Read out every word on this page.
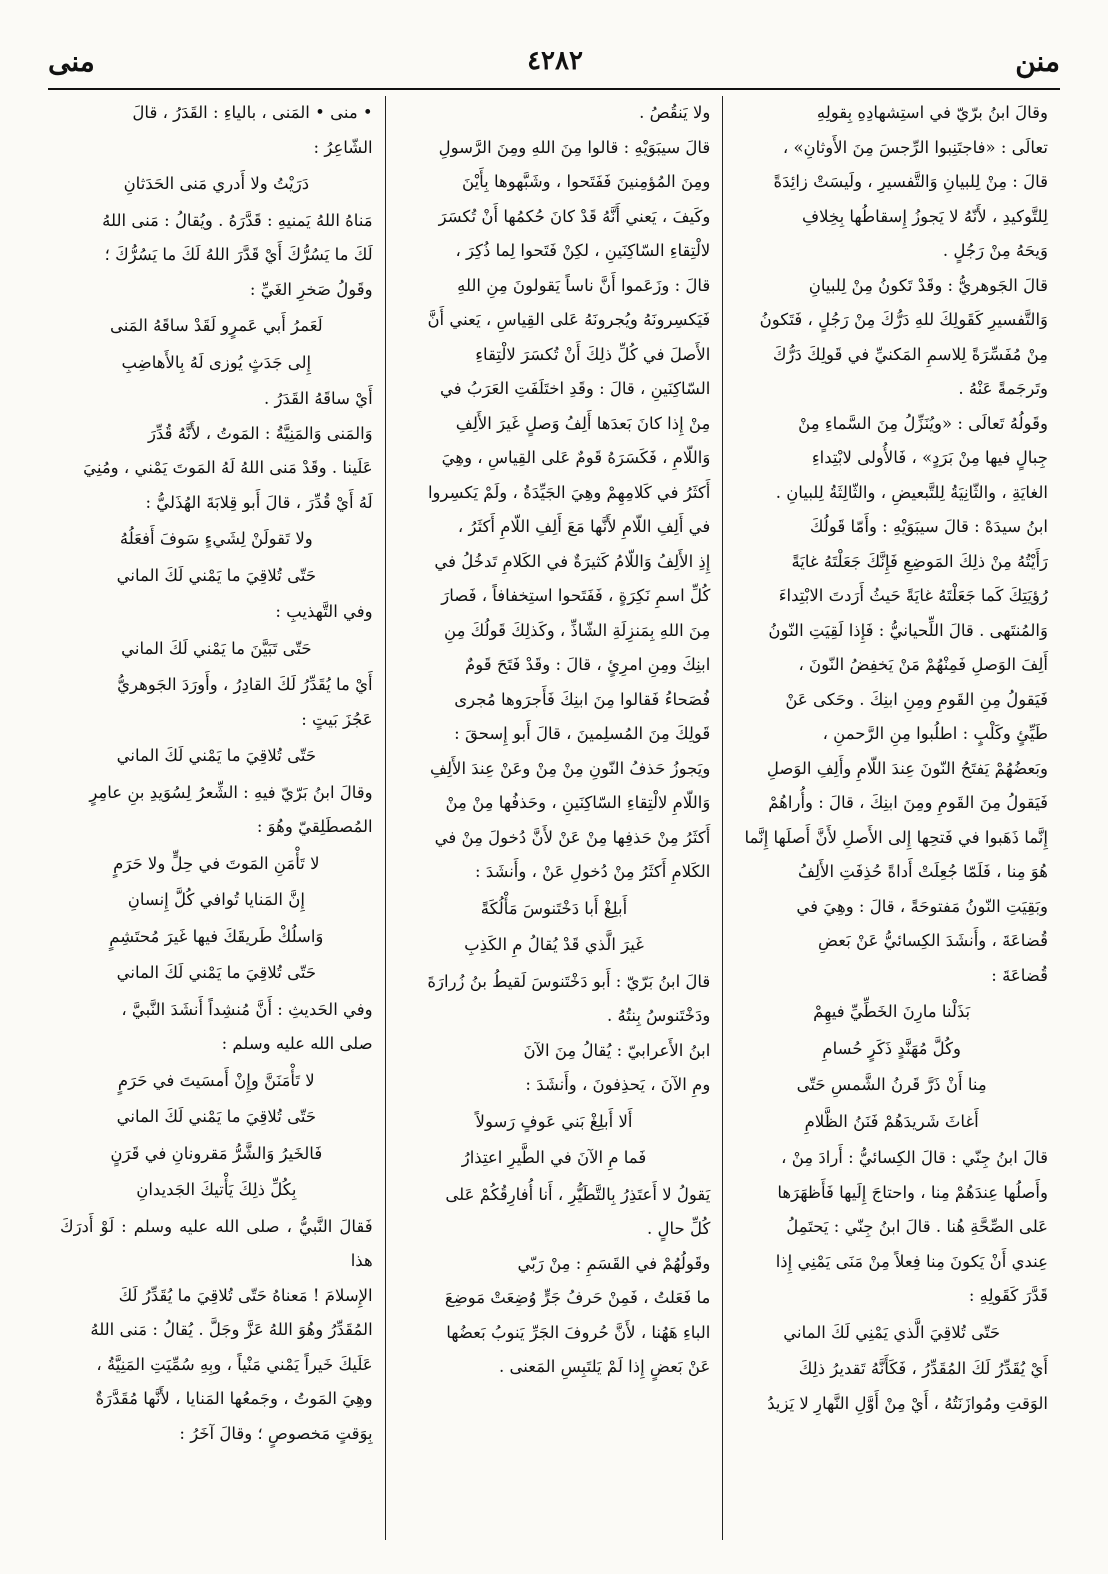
منن
٤٢٨٢
منى

وقالَ ابنُ برّيّ في استِشهادِهِ بِقولِهِ

تعالَى : «فاجتَنِبوا الرِّجسَ مِنَ الأَوثانِ» ،

قالَ : مِنْ لِلبيانِ وَالتَّفسيرِ ، ولَيسَتْ زائِدَةً

لِلتَّوكيدِ ، لأَنّهُ لا يَجوزُ إِسقاطُها بِخِلافِ

وَيحَهُ مِنْ رَجُلٍ .

قالَ الجَوهريُّ : وقَدْ تَكونُ مِنْ لِلبيانِ

وَالتَّفسيرِ كَقَولِكَ للهِ دَرُّكَ مِنْ رَجُلٍ ، فَتَكونُ

مِنْ مُفَسِّرَةً لِلاسمِ المَكنيِّ في قَولِكَ دَرُّكَ

وتَرجَمةً عَنْهُ .

وقَولُهُ تَعالَى : «ويُنَزِّلُ مِنَ السَّماءِ مِنْ

جِبالٍ فيها مِنْ بَرَدٍ» ، فَالأُولى لابْتِداءِ

الغايَةِ ، والثّانِيَةُ لِلتَّبعيضِ ، والثّالِثَةُ لِلبيانِ .

ابنُ سيدَهْ : قالَ سيبَوَيْهِ : وأَمّا قَولُكَ

رَأَيْتُهُ مِنْ ذلِكَ المَوضِعِ فَإِنَّكَ جَعَلْتَهُ غايَةً

رُؤيَتِكَ كَما جَعَلْتَهُ غايَةً حَيثُ أَرَدتَ الابْتِداءَ

وَالمُنتَهى . قالَ اللِّحيانيُّ : فَإِذا لَقِيَتِ النّونُ

أَلِفَ الوَصلِ فَمِنْهُمْ مَنْ يَخفِضُ النّونَ ،

فَيَقولُ مِنِ القَومِ ومِنِ ابنِكَ . وحَكى عَنْ

طَيِّئٍ وكَلْبٍ : اطلُبوا مِنِ الرَّحمنِ ،

وبَعضُهُمْ يَفتَحُ النّونَ عِندَ اللّامِ وأَلِفِ الوَصلِ

فَيَقولُ مِنَ القَومِ ومِنَ ابنِكَ ، قالَ : وأُراهُمْ

إِنَّما ذَهَبوا في فَتحِها إِلى الأَصلِ لأَنَّ أَصلَها إِنَّما

هُوَ مِنا ، فَلَمّا جُعِلَتْ أَداةً حُذِفَتِ الأَلِفُ

وبَقِيَتِ النّونُ مَفتوحَةً ، قالَ : وهِيَ في

قُضاعَةَ ، وأَنشَدَ الكِسائيُّ عَنْ بَعضِ

قُضاعَةَ :

بَذَلْنا مارِنَ الخَطِّيِّ فيهِمْ

وكُلَّ مُهَنَّدٍ ذَكَرٍ حُسامِ

مِنا أَنْ ذَرَّ قَرنُ الشَّمسِ حَتّى

أَغاثَ شَريدَهُمْ فَنَنُ الظَّلامِ

قالَ ابنُ جِنّي : قالَ الكِسائيُّ : أَرادَ مِنْ ،

وأَصلُها عِندَهُمْ مِنا ، واحتاجَ إِلَيها فَأَظهَرَها

عَلى الصِّحَّةِ هُنا . قالَ ابنُ جِنّي : يَحتَمِلُ

عِندي أَنْ يَكونَ مِنا فِعلاً مِنْ مَنَى يَمْنِي إِذا

قَدَّرَ كَقَولِهِ :

حَتّى تُلاقِيَ الَّذي يَمْنِي لَكَ الماني

أَيْ يُقَدِّرُ لَكَ المُقَدِّرُ ، فَكَأَنَّهُ تَقديرُ ذلِكَ

الوَقتِ ومُوازَنَتُهُ ، أَيْ مِنْ أَوَّلِ النَّهارِ لا يَزيدُ

ولا يَنقُصُ .

قالَ سيبَوَيْهِ : قالوا مِنَ اللهِ ومِنَ الرَّسولِ

ومِنَ المُؤمِنينَ فَفَتَحوا ، وشَبَّهوها بِأَيْنَ

وكَيفَ ، يَعني أَنَّهُ قَدْ كانَ حُكمُها أَنْ تُكسَرَ

لالْتِقاءِ السّاكِنَينِ ، لكِنْ فَتَحوا لِما ذُكِرَ ،

قالَ : وزَعَموا أَنَّ ناساً يَقولونَ مِنِ اللهِ

فَيَكسِرونَهُ ويُجرونَهُ عَلى القِياسِ ، يَعني أَنَّ

الأَصلَ في كُلِّ ذلِكَ أَنْ تُكسَرَ لالْتِقاءِ

السّاكِنَينِ ، قالَ : وقَدِ اختَلَفَتِ العَرَبُ في

مِنْ إِذا كانَ بَعدَها أَلِفُ وَصلٍ غَيرَ الأَلِفِ

وَاللّامِ ، فَكَسَرَهُ قَومٌ عَلى القِياسِ ، وهِيَ

أَكثَرُ في كَلامِهِمْ وهِيَ الجَيِّدَةُ ، ولَمْ يَكسِروا

في أَلِفِ اللّامِ لأَنَّها مَعَ أَلِفِ اللّامِ أَكثَرُ ،

إِذِ الأَلِفُ وَاللّامُ كَثيرَةٌ في الكَلامِ تَدخُلُ في

كُلِّ اسمِ نَكِرَةٍ ، فَفَتَحوا استِخفافاً ، فَصارَ

مِنَ اللهِ بِمَنزِلَةِ الشّاذِّ ، وكَذلِكَ قَولُكَ مِنِ

ابنِكَ ومِنِ امرِئٍ ، قالَ : وقَدْ فَتَحَ قَومٌ

فُصَحاءُ فَقالوا مِنَ ابنِكَ فَأَجرَوها مُجرى

قَولِكَ مِنَ المُسلِمينَ ، قالَ أَبو إِسحقَ :

ويَجوزُ حَذفُ النّونِ مِنْ مِنْ وعَنْ عِندَ الأَلِفِ

وَاللّامِ لالْتِقاءِ السّاكِنَينِ ، وحَذفُها مِنْ مِنْ

أَكثَرُ مِنْ حَذفِها مِنْ عَنْ لأَنَّ دُخولَ مِنْ في

الكَلامِ أَكثَرُ مِنْ دُخولِ عَنْ ، وأَنشَدَ :

أَبلِغْ أَبا دَخْتَنوسَ مَأْلُكَةً

غَيرَ الَّذي قَدْ يُقالُ مِ الكَذِبِ

قالَ ابنُ بَرّيّ : أَبو دَخْتَنوسَ لَقيطُ بنُ زُرارَةَ

ودَخْتَنوسُ بِنتُهُ .

ابنُ الأَعرابيّ : يُقالُ مِنَ الآنَ

ومِ الآنَ ، يَحذِفونَ ، وأَنشَدَ :

أَلا أَبلِغْ بَني عَوفٍ رَسولاً

فَما مِ الآنَ في الطَّيرِ اعتِذارُ

يَقولُ لا أَعتَذِرُ بِالتَّطَيُّرِ ، أَنا أُفارِقُكُمْ عَلى

كُلِّ حالٍ .

وقَولُهُمْ في القَسَمِ : مِنْ رَبّي

ما فَعَلتُ ، فَمِنْ حَرفُ جَرٍّ وُضِعَتْ مَوضِعَ

الباءِ هَهُنا ، لأَنَّ حُروفَ الجَرِّ يَنوبُ بَعضُها

عَنْ بَعضٍ إِذا لَمْ يَلتَبِسِ المَعنى .

• منى • المَنى ، بالياءِ : القَدَرُ ، قالَ

الشّاعِرُ :

دَرَيْتُ ولا أَدري مَنى الحَدَثانِ

مَناهُ اللهُ يَمنيهِ : قَدَّرَهُ . ويُقالُ : مَنى اللهُ

لَكَ ما يَسُرُّكَ أَيْ قَدَّرَ اللهُ لَكَ ما يَسُرُّكَ ؛

وقَولُ صَخرِ الغَيِّ :

لَعَمرُ أَبي عَمرٍو لَقَدْ ساقَهُ المَنى

إِلى جَدَثٍ يُوزى لَهُ بِالأَهاضِبِ

أَيْ ساقَهُ القَدَرُ .

وَالمَنى وَالمَنِيَّةُ : المَوتُ ، لأَنَّهُ قُدِّرَ

عَلَينا . وقَدْ مَنى اللهُ لَهُ المَوتَ يَمْني ، ومُنِيَ

لَهُ أَيْ قُدِّرَ ، قالَ أَبو قِلابَةَ الهُذَليُّ :

ولا تَقولَنْ لِشَيءٍ سَوفَ أَفعَلُهُ

حَتّى تُلاقِيَ ما يَمْني لَكَ الماني

وفي التَّهذيبِ :

حَتّى تَبَيَّنَ ما يَمْني لَكَ الماني

أَيْ ما يُقَدِّرُ لَكَ القادِرُ ، وأَورَدَ الجَوهريُّ

عَجُزَ بَيتٍ :

حَتّى تُلاقِيَ ما يَمْني لَكَ الماني

وقالَ ابنُ بَرّيّ فيهِ : الشِّعرُ لِسُوَيدِ بنِ عامِرٍ

المُصطَلِقيّ وهُوَ :

لا تَأْمَنِ المَوتَ في حِلٍّ ولا حَرَمٍ

إِنَّ المَنايا تُوافي كُلَّ إِنسانِ

وَاسلُكْ طَريقَكَ فيها غَيرَ مُحتَشِمٍ

حَتّى تُلاقِيَ ما يَمْني لَكَ الماني

وفي الحَديثِ : أَنَّ مُنشِداً أَنشَدَ النَّبيَّ ،

صلى الله عليه وسلم :

لا تَأْمَنَنَّ وإِنْ أَمسَيتَ في حَرَمٍ

حَتّى تُلاقِيَ ما يَمْني لَكَ الماني

فَالخَيرُ وَالشَّرُّ مَقرونانِ في قَرَنٍ

بِكُلِّ ذلِكَ يَأْتيكَ الجَديدانِ

فَقالَ النَّبيُّ ، صلى الله عليه وسلم : لَوْ أَدرَكَ هذا

الإِسلامَ ! مَعناهُ حَتّى تُلاقِيَ ما يُقَدِّرُ لَكَ

المُقَدِّرُ وهُوَ اللهُ عَزَّ وجَلَّ . يُقالُ : مَنى اللهُ

عَلَيكَ خَيراً يَمْني مَنْياً ، وبِهِ سُمِّيَتِ المَنِيَّةُ ،

وهِيَ المَوتُ ، وجَمعُها المَنايا ، لأَنَّها مُقَدَّرَةٌ

بِوَقتٍ مَخصوصٍ ؛ وقالَ آخَرُ :
